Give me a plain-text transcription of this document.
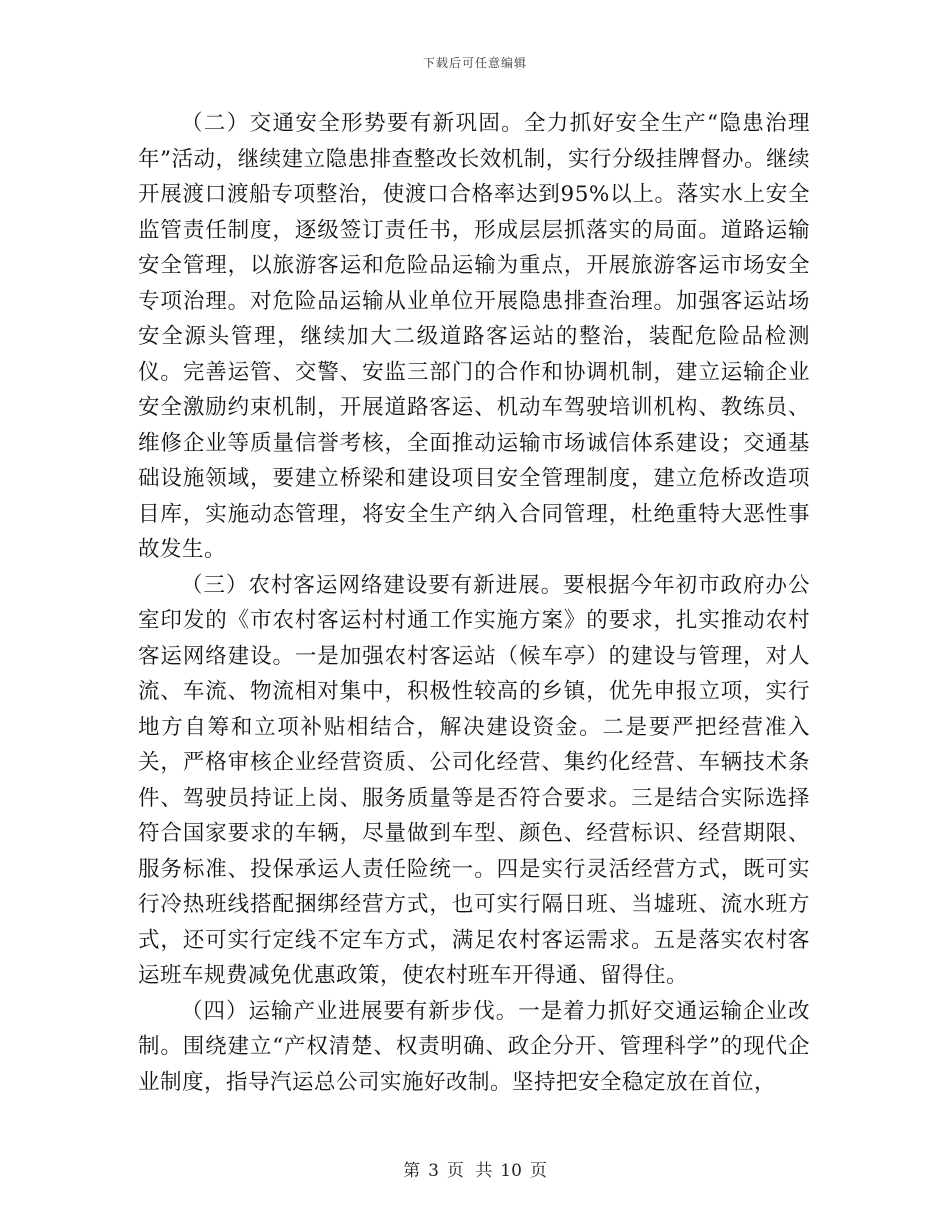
下载后可任意编辑

（二）交通安全形势要有新巩固。全力抓好安全生产“隐患治理年”活动，继续建立隐患排查整改长效机制，实行分级挂牌督办。继续开展渡口渡船专项整治，使渡口合格率达到95%以上。落实水上安全监管责任制度，逐级签订责任书，形成层层抓落实的局面。道路运输安全管理，以旅游客运和危险品运输为重点，开展旅游客运市场安全专项治理。对危险品运输从业单位开展隐患排查治理。加强客运站场安全源头管理，继续加大二级道路客运站的整治，装配危险品检测仪。完善运管、交警、安监三部门的合作和协调机制，建立运输企业安全激励约束机制，开展道路客运、机动车驾驶培训机构、教练员、维修企业等质量信誉考核，全面推动运输市场诚信体系建设；交通基础设施领域，要建立桥梁和建设项目安全管理制度，建立危桥改造项目库，实施动态管理，将安全生产纳入合同管理，杜绝重特大恶性事故发生。

（三）农村客运网络建设要有新进展。要根据今年初市政府办公室印发的《市农村客运村村通工作实施方案》的要求，扎实推动农村客运网络建设。一是加强农村客运站（候车亭）的建设与管理，对人流、车流、物流相对集中，积极性较高的乡镇，优先申报立项，实行地方自筹和立项补贴相结合，解决建设资金。二是要严把经营准入关，严格审核企业经营资质、公司化经营、集约化经营、车辆技术条件、驾驶员持证上岗、服务质量等是否符合要求。三是结合实际选择符合国家要求的车辆，尽量做到车型、颜色、经营标识、经营期限、服务标准、投保承运人责任险统一。四是实行灵活经营方式，既可实行冷热班线搭配捆绑经营方式，也可实行隔日班、当墟班、流水班方式，还可实行定线不定车方式，满足农村客运需求。五是落实农村客运班车规费减免优惠政策，使农村班车开得通、留得住。

（四）运输产业进展要有新步伐。一是着力抓好交通运输企业改制。围绕建立“产权清楚、权责明确、政企分开、管理科学”的现代企业制度，指导汽运总公司实施好改制。坚持把安全稳定放在首位，

第 3 页 共 10 页
